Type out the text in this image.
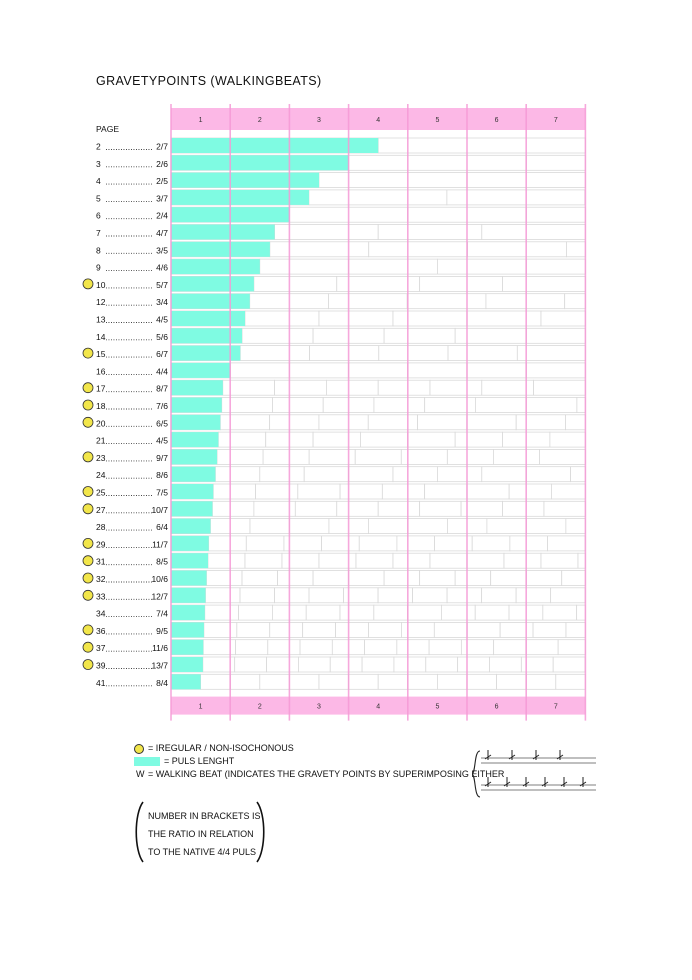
GRAVETYPOINTS (WALKINGBEATS)
1
1
2
2
3
3
4
4
5
5
6
6
7
7
2	2/7
3	2/6
4	2/5
5	3/7
6	2/4
7	4/7
8	3/5
9	4/6
10	5/7
12	3/4
13	4/5
14	5/6
15	6/7
16	4/4
17	8/7
18	7/6
20	6/5
21	4/5
23	9/7
24	8/6
25	7/5
27	10/7
28	6/4
29	11/7
31	8/5
32	10/6
33	12/7
34	7/4
36	9/5
37	11/6
39	13/7
41	8/4
PAGE
= IREGULAR / NON-ISOCHONOUS
= PULS LENGHT
W = WALKING BEAT (INDICATES THE GRAVETY POINTS BY SUPERIMPOSING EITHER
NUMBER IN BRACKETS IS
THE RATIO IN RELATION
TO THE NATIVE 4/4 PULS
